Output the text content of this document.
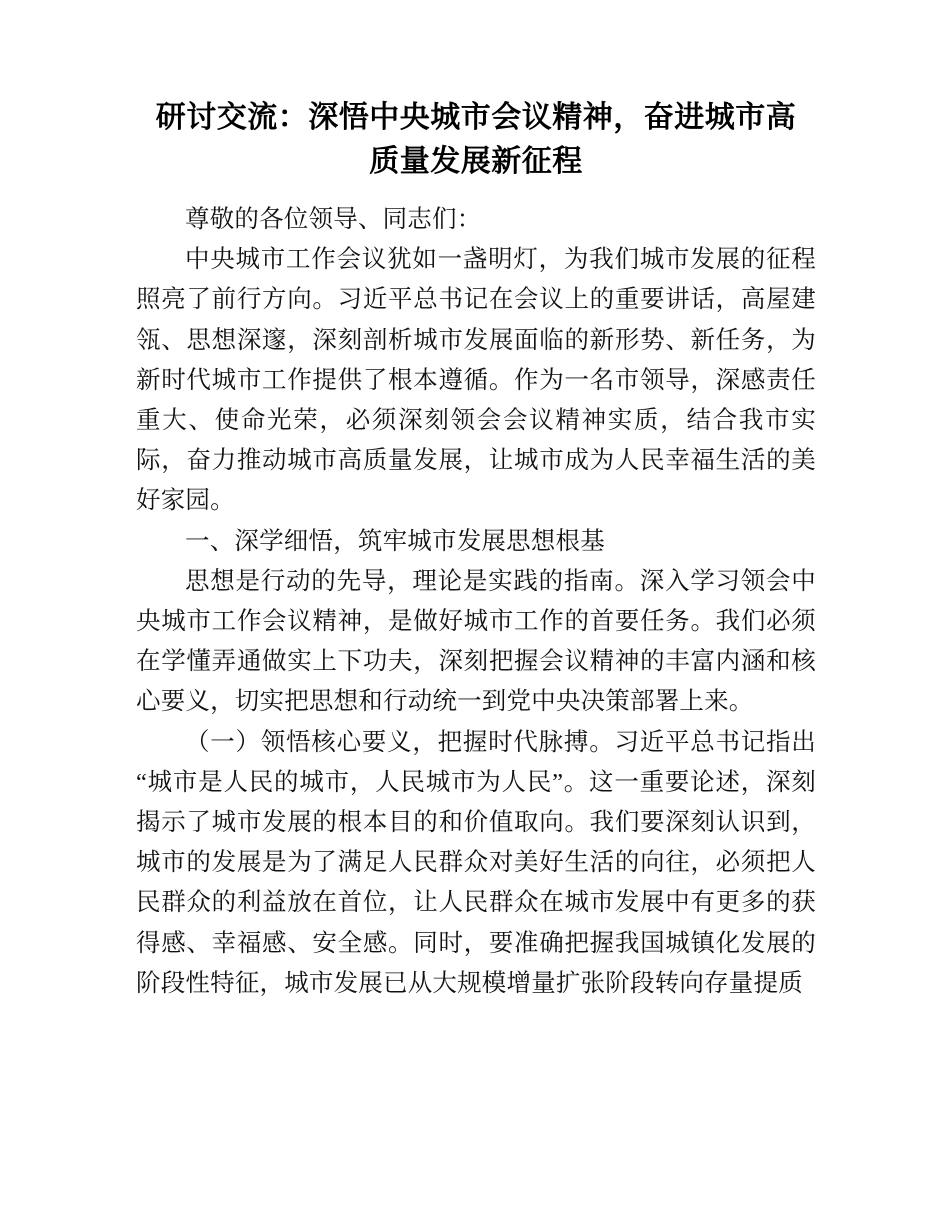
研讨交流：深悟中央城市会议精神，奋进城市高质量发展新征程

尊敬的各位领导、同志们：

中央城市工作会议犹如一盏明灯，为我们城市发展的征程照亮了前行方向。习近平总书记在会议上的重要讲话，高屋建瓴、思想深邃，深刻剖析城市发展面临的新形势、新任务，为新时代城市工作提供了根本遵循。作为一名市领导，深感责任重大、使命光荣，必须深刻领会会议精神实质，结合我市实际，奋力推动城市高质量发展，让城市成为人民幸福生活的美好家园。

一、深学细悟，筑牢城市发展思想根基

思想是行动的先导，理论是实践的指南。深入学习领会中央城市工作会议精神，是做好城市工作的首要任务。我们必须在学懂弄通做实上下功夫，深刻把握会议精神的丰富内涵和核心要义，切实把思想和行动统一到党中央决策部署上来。

（一）领悟核心要义，把握时代脉搏。习近平总书记指出“城市是人民的城市，人民城市为人民”。这一重要论述，深刻揭示了城市发展的根本目的和价值取向。我们要深刻认识到，城市的发展是为了满足人民群众对美好生活的向往，必须把人民群众的利益放在首位，让人民群众在城市发展中有更多的获得感、幸福感、安全感。同时，要准确把握我国城镇化发展的阶段性特征，城市发展已从大规模增量扩张阶段转向存量提质
